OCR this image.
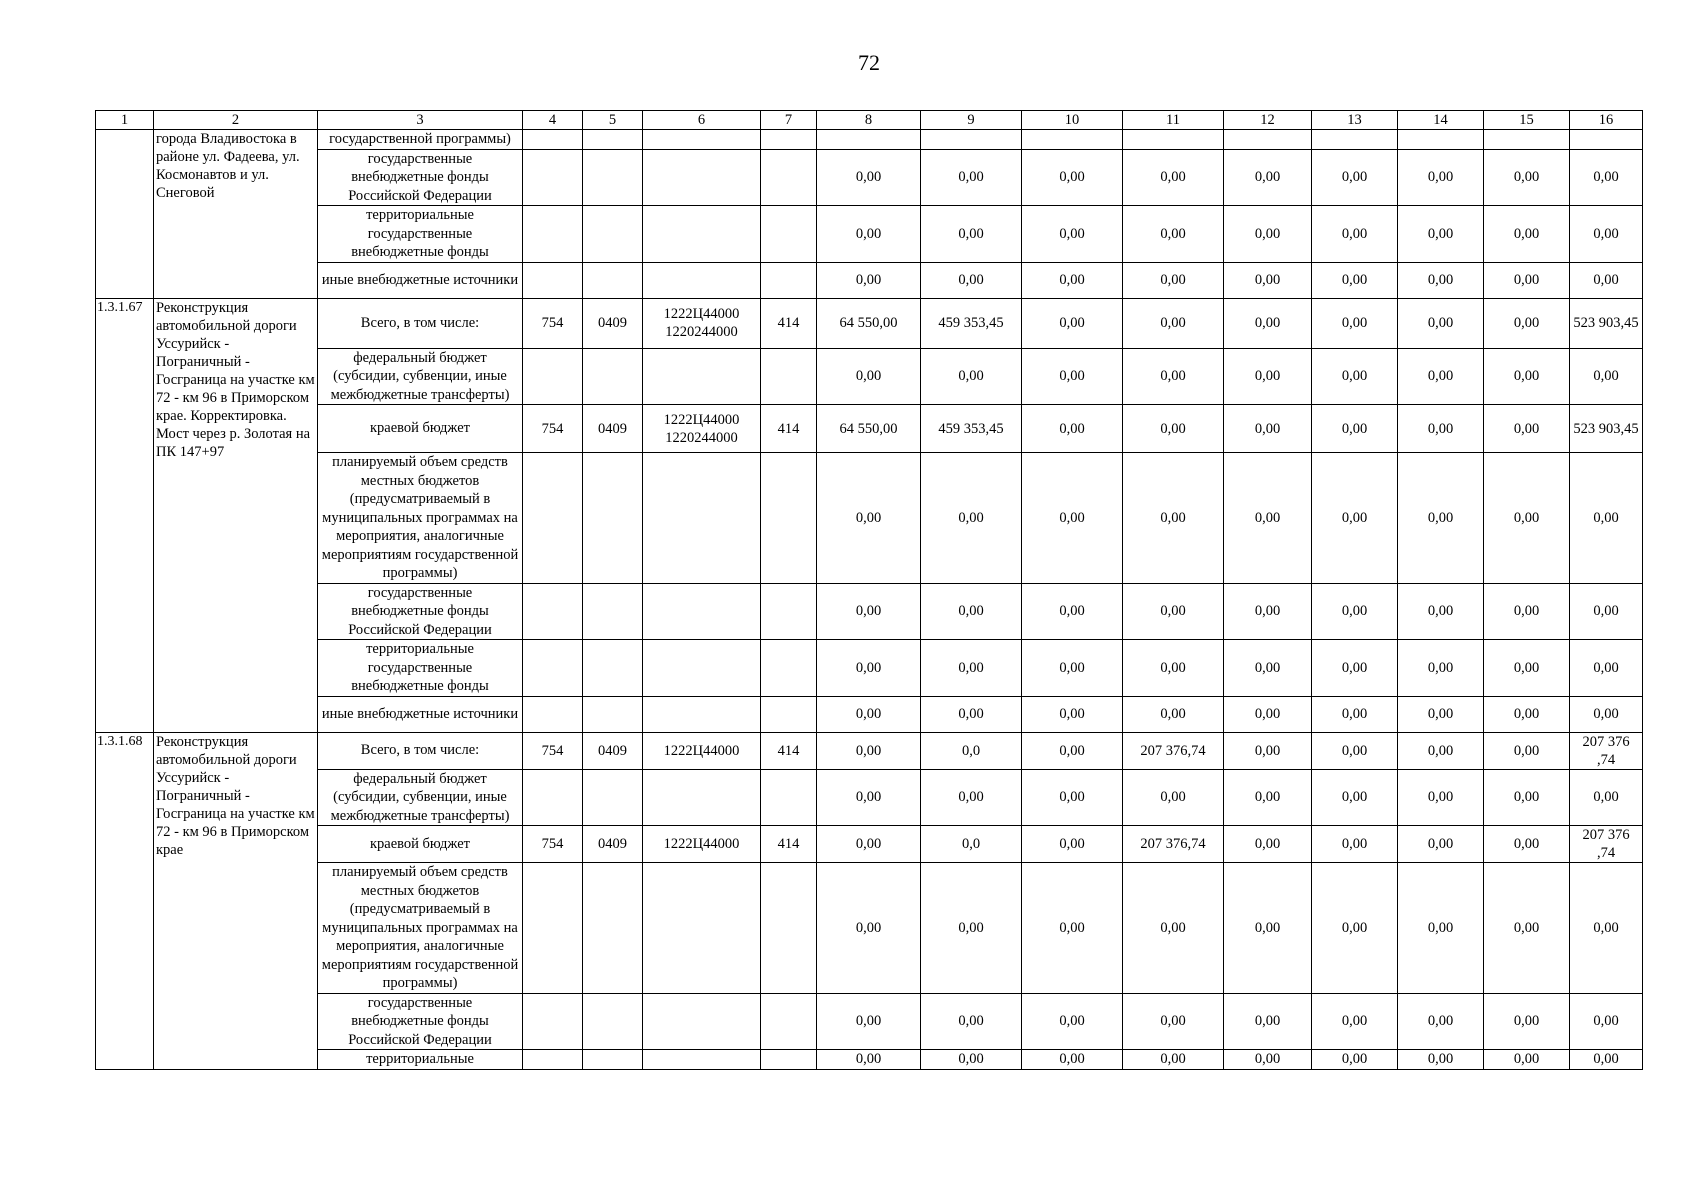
72
1	2	3	4	5	6	7	8	9	10	11	12	13	14	15	16
	города Владивостока в районе ул. Фадеева, ул. Космонавтов и ул. Снеговой	государственной программы)													
		государственные внебюджетные фонды Российской Федерации					0,00	0,00	0,00	0,00	0,00	0,00	0,00	0,00	0,00
		территориальные государственные внебюджетные фонды					0,00	0,00	0,00	0,00	0,00	0,00	0,00	0,00	0,00
		иные внебюджетные источники					0,00	0,00	0,00	0,00	0,00	0,00	0,00	0,00	0,00
1.3.1.67	Реконструкция автомобильной дороги Уссурийск - Пограничный - Госграница на участке км 72 - км 96 в Приморском крае. Корректировка. Мост через р. Золотая на ПК 147+97	Всего, в том числе:	754	0409	1222Ц44000 1220244000	414	64 550,00	459 353,45	0,00	0,00	0,00	0,00	0,00	0,00	523 903,45
		федеральный бюджет (субсидии, субвенции, иные межбюджетные трансферты)					0,00	0,00	0,00	0,00	0,00	0,00	0,00	0,00	0,00
		краевой бюджет	754	0409	1222Ц44000 1220244000	414	64 550,00	459 353,45	0,00	0,00	0,00	0,00	0,00	0,00	523 903,45
		планируемый объем средств местных бюджетов (предусматриваемый в муниципальных программах на мероприятия, аналогичные мероприятиям государственной программы)					0,00	0,00	0,00	0,00	0,00	0,00	0,00	0,00	0,00
		государственные внебюджетные фонды Российской Федерации					0,00	0,00	0,00	0,00	0,00	0,00	0,00	0,00	0,00
		территориальные государственные внебюджетные фонды					0,00	0,00	0,00	0,00	0,00	0,00	0,00	0,00	0,00
		иные внебюджетные источники					0,00	0,00	0,00	0,00	0,00	0,00	0,00	0,00	0,00
1.3.1.68	Реконструкция автомобильной дороги Уссурийск - Пограничный - Госграница на участке км 72 - км 96 в Приморском крае	Всего, в том числе:	754	0409	1222Ц44000	414	0,00	0,0	0,00	207 376,74	0,00	0,00	0,00	0,00	207 376 ,74
		федеральный бюджет (субсидии, субвенции, иные межбюджетные трансферты)					0,00	0,00	0,00	0,00	0,00	0,00	0,00	0,00	0,00
		краевой бюджет	754	0409	1222Ц44000	414	0,00	0,0	0,00	207 376,74	0,00	0,00	0,00	0,00	207 376 ,74
		планируемый объем средств местных бюджетов (предусматриваемый в муниципальных программах на мероприятия, аналогичные мероприятиям государственной программы)					0,00	0,00	0,00	0,00	0,00	0,00	0,00	0,00	0,00
		государственные внебюджетные фонды Российской Федерации					0,00	0,00	0,00	0,00	0,00	0,00	0,00	0,00	0,00
		территориальные					0,00	0,00	0,00	0,00	0,00	0,00	0,00	0,00	0,00
